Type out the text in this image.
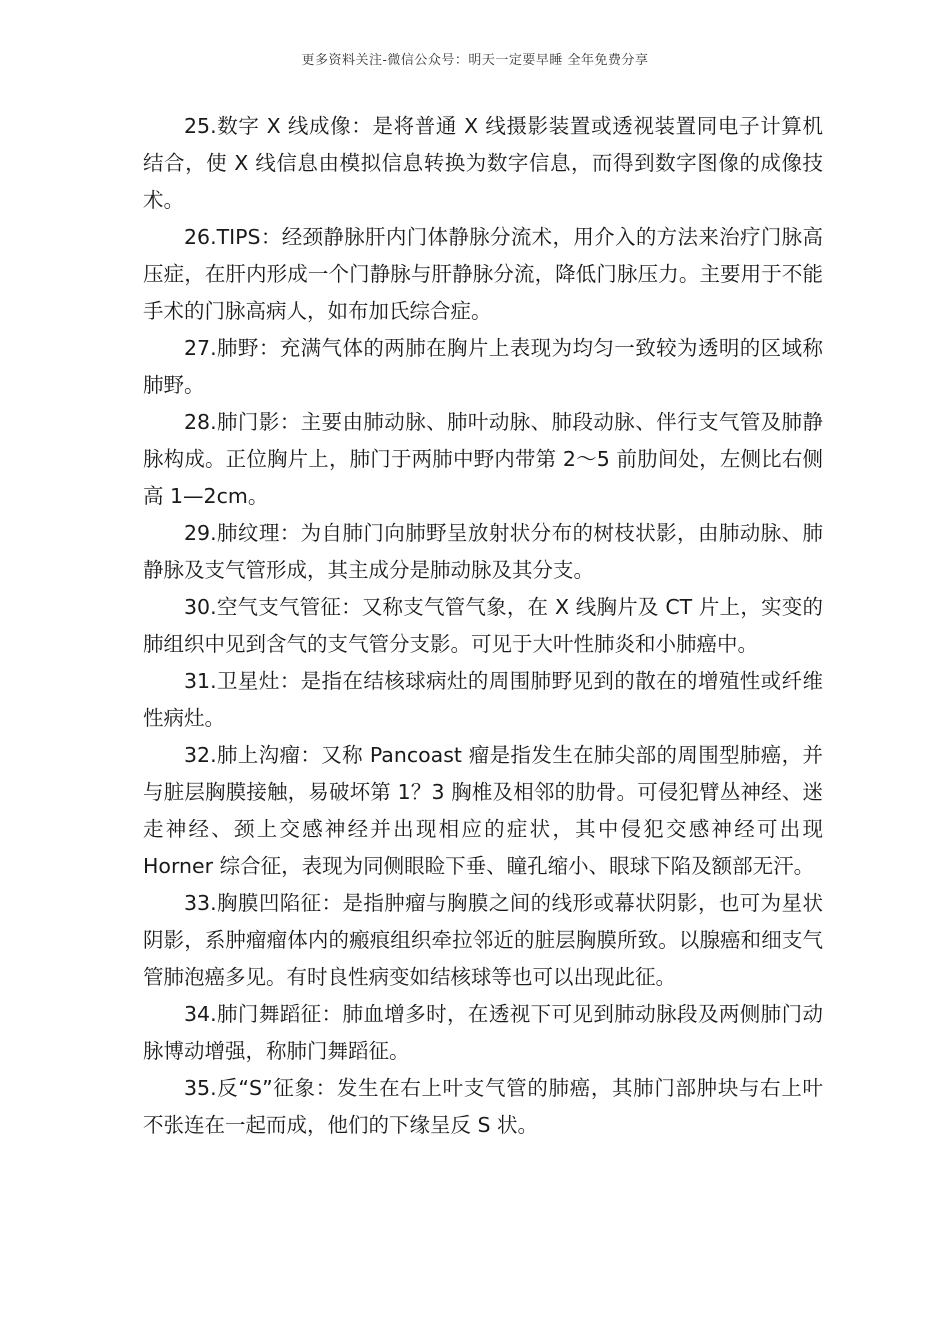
更多资料关注-微信公众号：明天一定要早睡 全年免费分享

25.数字 X 线成像：是将普通 X 线摄影装置或透视装置同电子计算机结合，使 X 线信息由模拟信息转换为数字信息，而得到数字图像的成像技术。

26.TIPS：经颈静脉肝内门体静脉分流术，用介入的方法来治疗门脉高压症，在肝内形成一个门静脉与肝静脉分流，降低门脉压力。主要用于不能手术的门脉高病人，如布加氏综合症。

27.肺野：充满气体的两肺在胸片上表现为均匀一致较为透明的区域称肺野。

28.肺门影：主要由肺动脉、肺叶动脉、肺段动脉、伴行支气管及肺静脉构成。正位胸片上，肺门于两肺中野内带第 2～5 前肋间处，左侧比右侧高 1—2cm。

29.肺纹理：为自肺门向肺野呈放射状分布的树枝状影，由肺动脉、肺静脉及支气管形成，其主成分是肺动脉及其分支。

30.空气支气管征：又称支气管气象，在 X 线胸片及 CT 片上，实变的肺组织中见到含气的支气管分支影。可见于大叶性肺炎和小肺癌中。

31.卫星灶：是指在结核球病灶的周围肺野见到的散在的增殖性或纤维性病灶。

32.肺上沟瘤：又称 Pancoast 瘤是指发生在肺尖部的周围型肺癌，并与脏层胸膜接触，易破坏第 1？3 胸椎及相邻的肋骨。可侵犯臂丛神经、迷走神经、颈上交感神经并出现相应的症状，其中侵犯交感神经可出现 Horner 综合征，表现为同侧眼睑下垂、瞳孔缩小、眼球下陷及额部无汗。

33.胸膜凹陷征：是指肿瘤与胸膜之间的线形或幕状阴影，也可为星状阴影，系肿瘤瘤体内的瘢痕组织牵拉邻近的脏层胸膜所致。以腺癌和细支气管肺泡癌多见。有时良性病变如结核球等也可以出现此征。

34.肺门舞蹈征：肺血增多时，在透视下可见到肺动脉段及两侧肺门动脉博动增强，称肺门舞蹈征。

35.反“S”征象：发生在右上叶支气管的肺癌，其肺门部肿块与右上叶不张连在一起而成，他们的下缘呈反 S 状。
